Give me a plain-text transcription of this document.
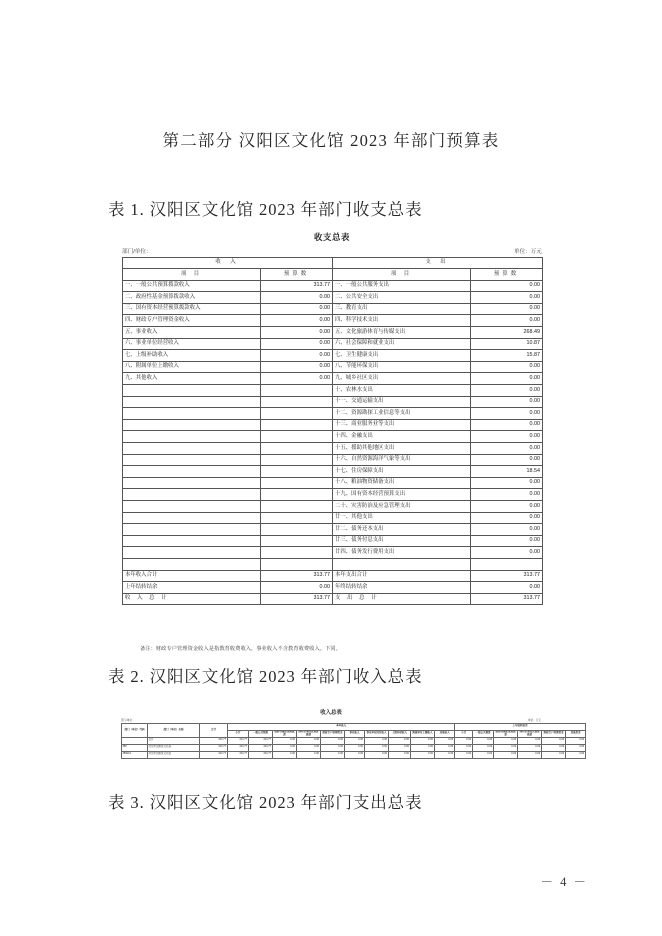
第二部分 汉阳区文化馆 2023 年部门预算表
表 1. 汉阳区文化馆 2023 年部门收支总表
收支总表
部门/单位：	单位：万元
收 入		支 出	
项 目	预算数	项 目	预算数
一、一般公共预算拨款收入	313.77	一、一般公共服务支出	0.00
二、政府性基金预算拨款收入	0.00	二、公共安全支出	0.00
三、国有资本经营预算拨款收入	0.00	三、教育支出	0.00
四、财政专户管理资金收入	0.00	四、科学技术支出	0.00
五、事业收入	0.00	五、文化旅游体育与传媒支出	268.49
六、事业单位经营收入	0.00	六、社会保障和就业支出	10.87
七、上级补助收入	0.00	七、卫生健康支出	15.87
八、附属单位上缴收入	0.00	八、节能环保支出	0.00
九、其他收入	0.00	九、城乡社区支出	0.00
		十、农林水支出	0.00
		十一、交通运输支出	0.00
		十二、资源勘探工业信息等支出	0.00
		十三、商业服务业等支出	0.00
		十四、金融支出	0.00
		十五、援助其他地区支出	0.00
		十六、自然资源海洋气象等支出	0.00
		十七、住房保障支出	18.54
		十八、粮油物资储备支出	0.00
		十九、国有资本经营预算支出	0.00
		二十、灾害防治及应急管理支出	0.00
		廿一、其他支出	0.00
		廿二、债务还本支出	0.00
		廿三、债务付息支出	0.00
		廿四、债务发行费用支出	0.00

本年收入合计	313.77	本年支出合计	313.77
上年结转结余	0.00	年终结转结余	0.00
收 入 总 计	313.77	支 出 总 计	313.77
备注：财政专户管理资金收入是指教育收费收入，事业收入不含教育收费收入。下同。
表 2. 汉阳区文化馆 2023 年部门收入总表
收入总表
部门/单位：	单位：万元
部门（单位）代码	部门（单位）名称	合计	本年收入										上年结转结余					
			小计	一般公共预算	政府性基金预算拨款	国有资本经营预算拨款	财政专户管理资金	事业收入	事业单位经营收入	上级补助收入	附属单位上缴收入	其他收入	小计	一般公共预算	政府性基金预算拨款	国有资本经营预算拨款	财政专户管理资金	其他资金
	合计	313.77	313.77	313.77	0.00	0.00	0.00	0.00	0.00	0.00	0.00	0.00	0.00	0.00	0.00	0.00	0.00	0.00
359	武汉市汉阳区文化局	313.77	313.77	313.77	0.00	0.00	0.00	0.00	0.00	0.00	0.00	0.00	0.00	0.00	0.00	0.00	0.00	0.00
359001	武汉市汉阳区文化馆	313.77	313.77	313.77	0.00	0.00	0.00	0.00	0.00	0.00	0.00	0.00	0.00	0.00	0.00	0.00	0.00	0.00
表 3. 汉阳区文化馆 2023 年部门支出总表
－ 4 －
